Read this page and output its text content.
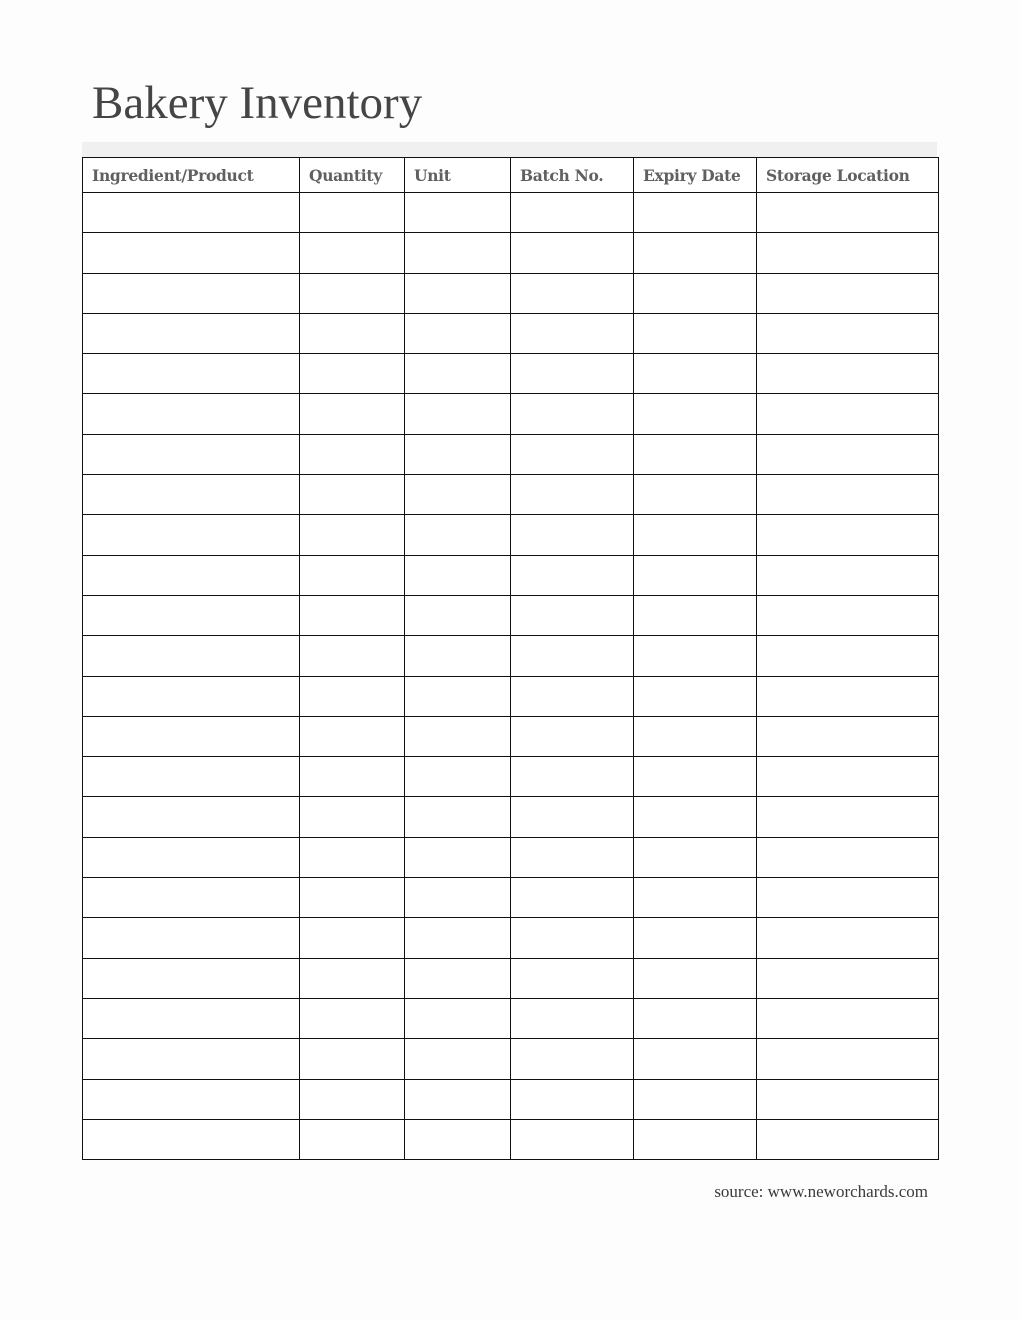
Bakery Inventory
Ingredient/Product	Quantity	Unit	Batch No.	Expiry Date	Storage Location

source: www.neworchards.com
